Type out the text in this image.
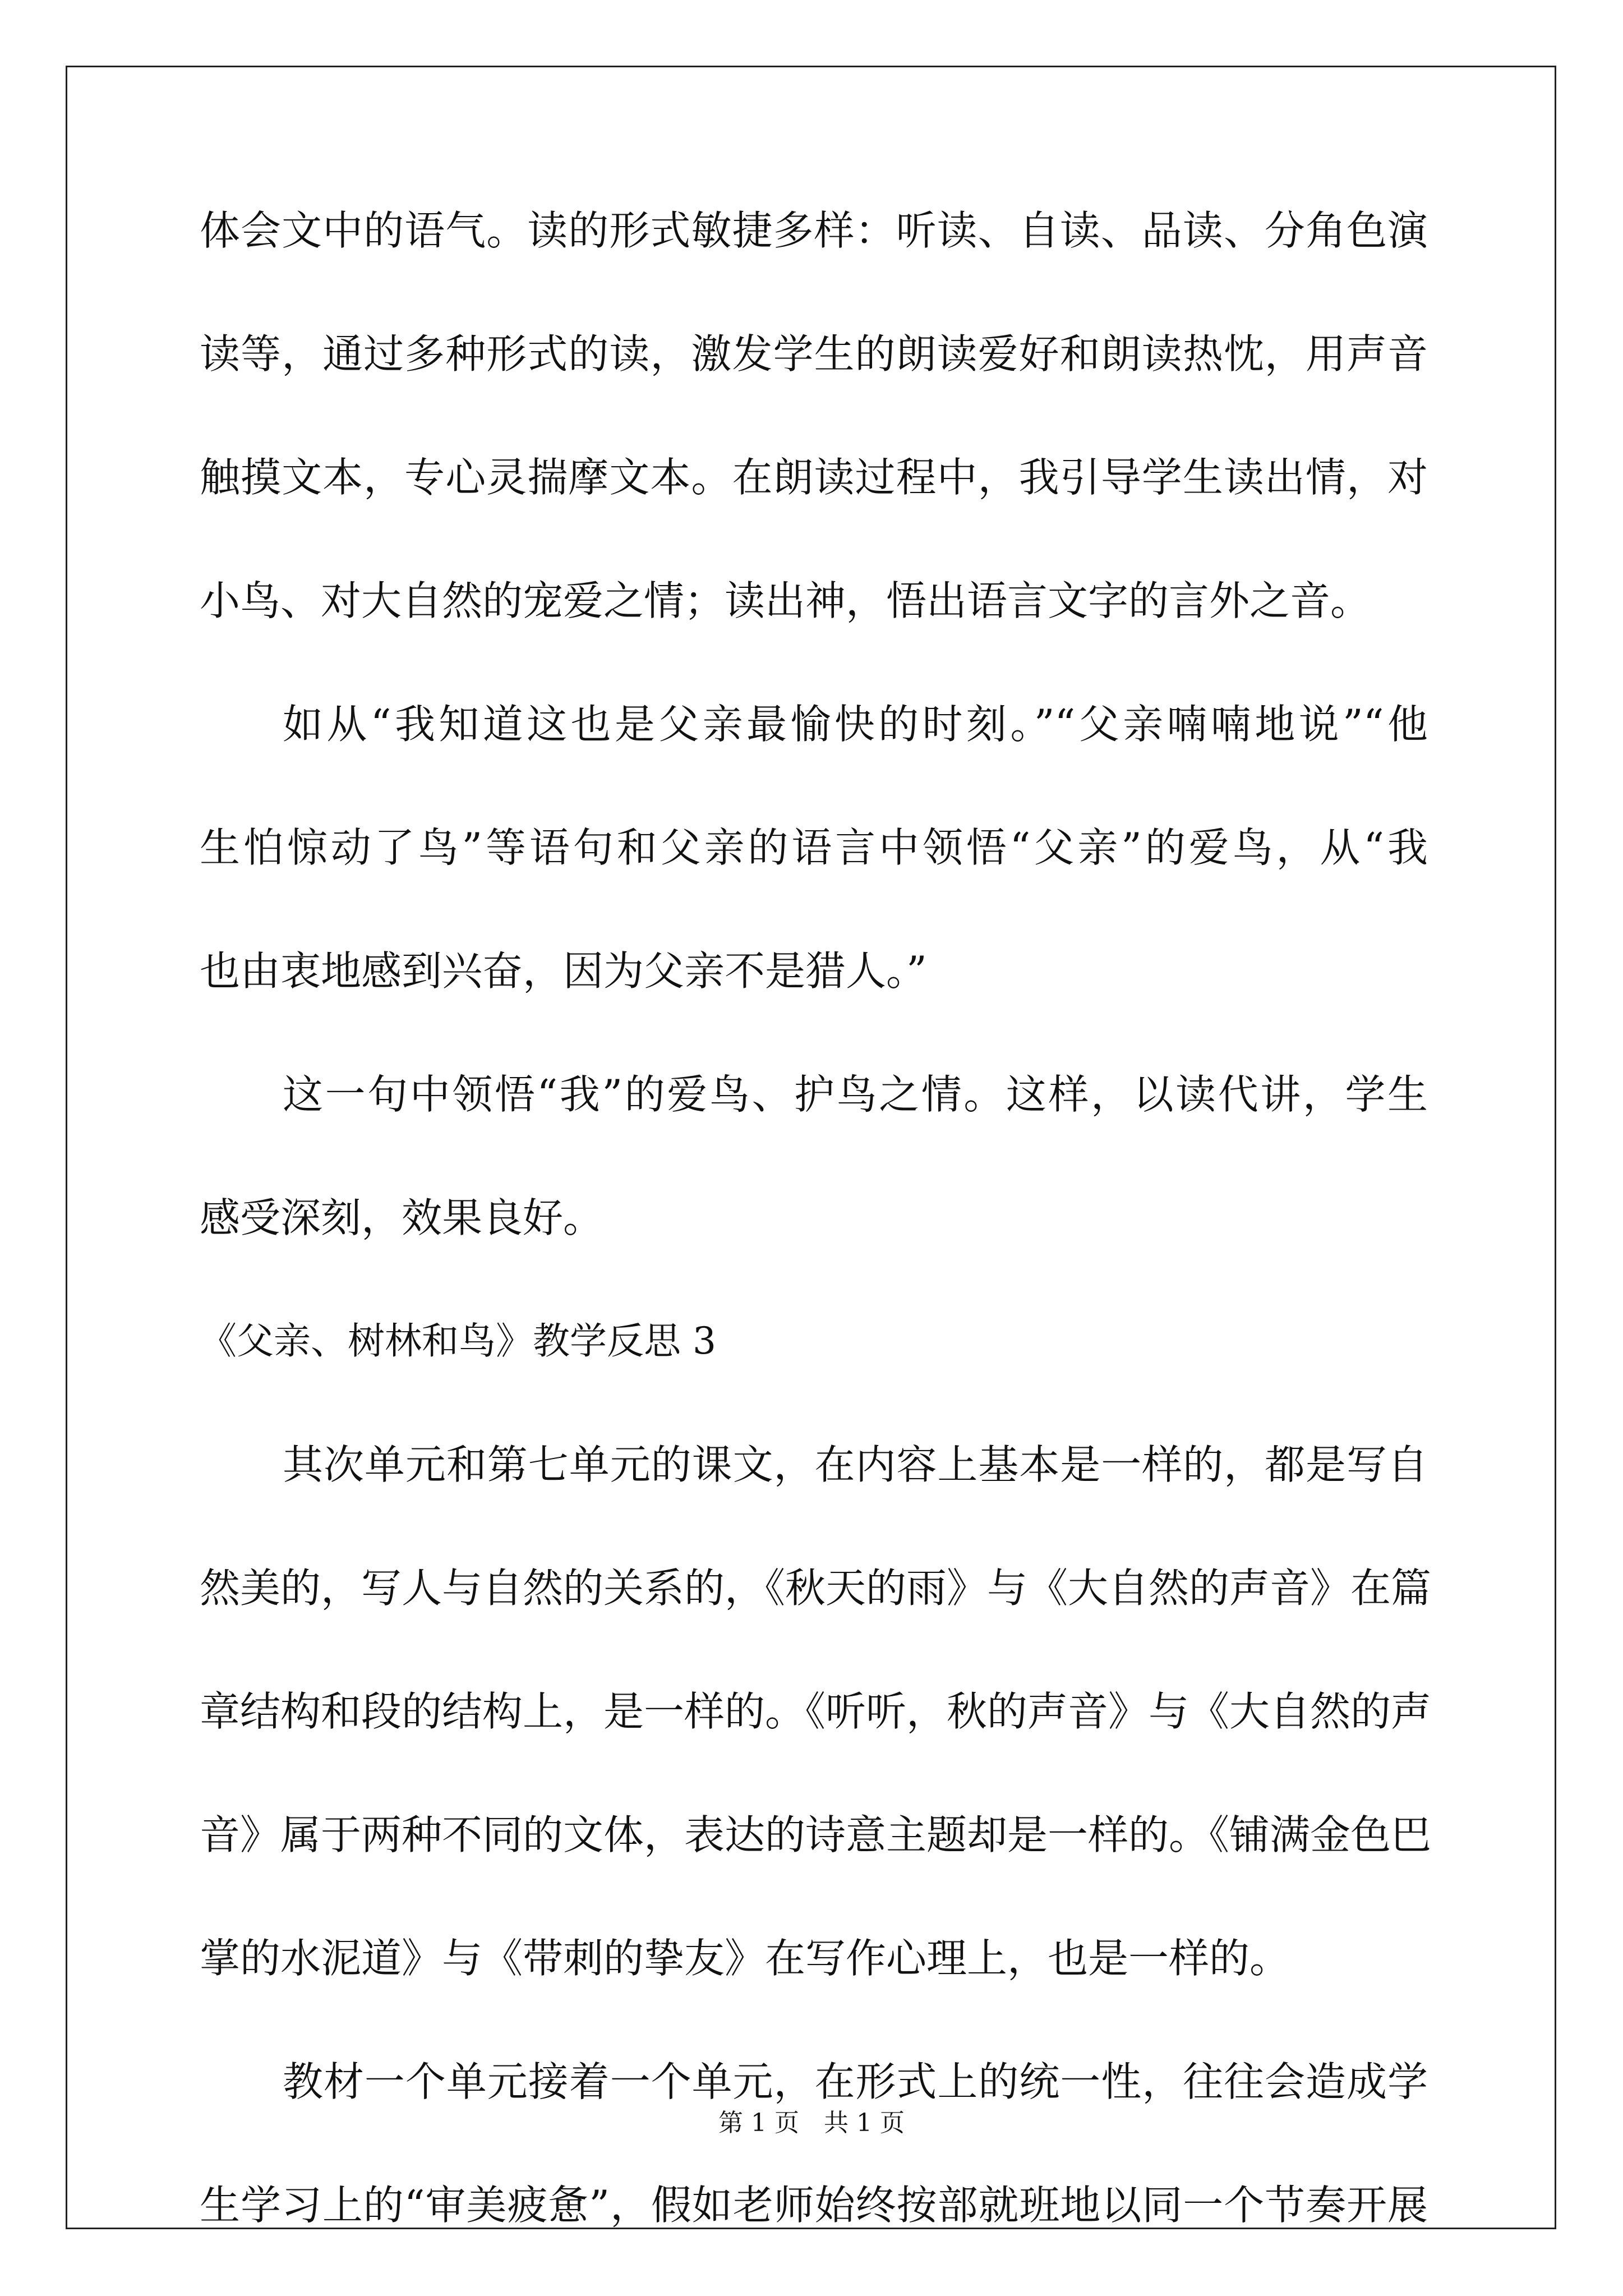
体会文中的语气。读的形式敏捷多样：听读、自读、品读、分角色演
读等，通过多种形式的读，激发学生的朗读爱好和朗读热忱，用声音
触摸文本，专心灵揣摩文本。在朗读过程中，我引导学生读出情，对
小鸟、对大自然的宠爱之情；读出神，悟出语言文字的言外之音。
如从“我知道这也是父亲最愉快的时刻。”“父亲喃喃地说”“他
生怕惊动了鸟”等语句和父亲的语言中领悟“父亲”的爱鸟，从“我
也由衷地感到兴奋，因为父亲不是猎人。”
这一句中领悟“我”的爱鸟、护鸟之情。这样，以读代讲，学生
感受深刻，效果良好。
《父亲、树林和鸟》教学反思 3
其次单元和第七单元的课文，在内容上基本是一样的，都是写自
然美的，写人与自然的关系的，《秋天的雨》与《大自然的声音》在篇
章结构和段的结构上，是一样的。《听听，秋的声音》与《大自然的声
音》属于两种不同的文体，表达的诗意主题却是一样的。《铺满金色巴
掌的水泥道》与《带刺的挚友》在写作心理上，也是一样的。
教材一个单元接着一个单元，在形式上的统一性，往往会造成学
生学习上的“审美疲惫”，假如老师始终按部就班地以同一个节奏开展
第 1 页　共 1 页
